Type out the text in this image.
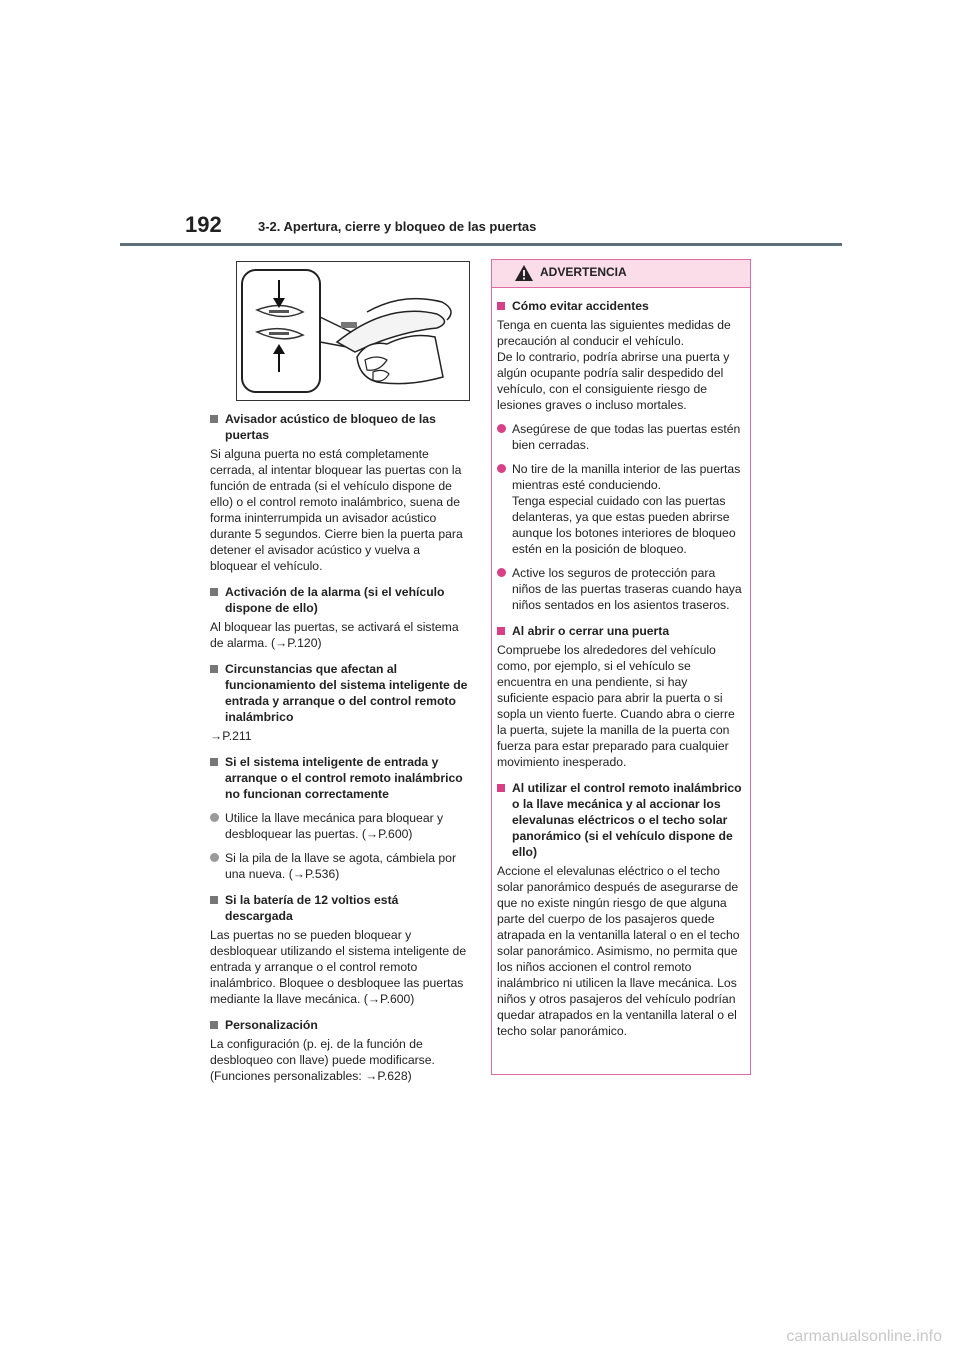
192	3-2. Apertura, cierre y bloqueo de las puertas
Avisador acústico de bloqueo de las puertas
Si alguna puerta no está completamente cerrada, al intentar bloquear las puertas con la función de entrada (si el vehículo dispone de ello) o el control remoto inalámbrico, suena de forma ininterrumpida un avisador acústico durante 5 segundos. Cierre bien la puerta para detener el avisador acústico y vuelva a bloquear el vehículo.
Activación de la alarma (si el vehículo dispone de ello)
Al bloquear las puertas, se activará el sistema de alarma. (→P.120)
Circunstancias que afectan al funcionamiento del sistema inteligente de entrada y arranque o del control remoto inalámbrico
→P.211
Si el sistema inteligente de entrada y arranque o el control remoto inalámbrico no funcionan correctamente
Utilice la llave mecánica para bloquear y desbloquear las puertas. (→P.600)
Si la pila de la llave se agota, cámbiela por una nueva. (→P.536)
Si la batería de 12 voltios está descargada
Las puertas no se pueden bloquear y desbloquear utilizando el sistema inteligente de entrada y arranque o el control remoto inalámbrico. Bloquee o desbloquee las puertas mediante la llave mecánica. (→P.600)
Personalización
La configuración (p. ej. de la función de desbloqueo con llave) puede modificarse. (Funciones personalizables: →P.628)
ADVERTENCIA
Cómo evitar accidentes
Tenga en cuenta las siguientes medidas de precaución al conducir el vehículo.
De lo contrario, podría abrirse una puerta y algún ocupante podría salir despedido del vehículo, con el consiguiente riesgo de lesiones graves o incluso mortales.
Asegúrese de que todas las puertas estén bien cerradas.
No tire de la manilla interior de las puertas mientras esté conduciendo.
Tenga especial cuidado con las puertas delanteras, ya que estas pueden abrirse aunque los botones interiores de bloqueo estén en la posición de bloqueo.
Active los seguros de protección para niños de las puertas traseras cuando haya niños sentados en los asientos traseros.
Al abrir o cerrar una puerta
Compruebe los alrededores del vehículo como, por ejemplo, si el vehículo se encuentra en una pendiente, si hay suficiente espacio para abrir la puerta o si sopla un viento fuerte. Cuando abra o cierre la puerta, sujete la manilla de la puerta con fuerza para estar preparado para cualquier movimiento inesperado.
Al utilizar el control remoto inalámbrico o la llave mecánica y al accionar los elevalunas eléctricos o el techo solar panorámico (si el vehículo dispone de ello)
Accione el elevalunas eléctrico o el techo solar panorámico después de asegurarse de que no existe ningún riesgo de que alguna parte del cuerpo de los pasajeros quede atrapada en la ventanilla lateral o en el techo solar panorámico. Asimismo, no permita que los niños accionen el control remoto inalámbrico ni utilicen la llave mecánica. Los niños y otros pasajeros del vehículo podrían quedar atrapados en la ventanilla lateral o el techo solar panorámico.
carmanualsonline.info
